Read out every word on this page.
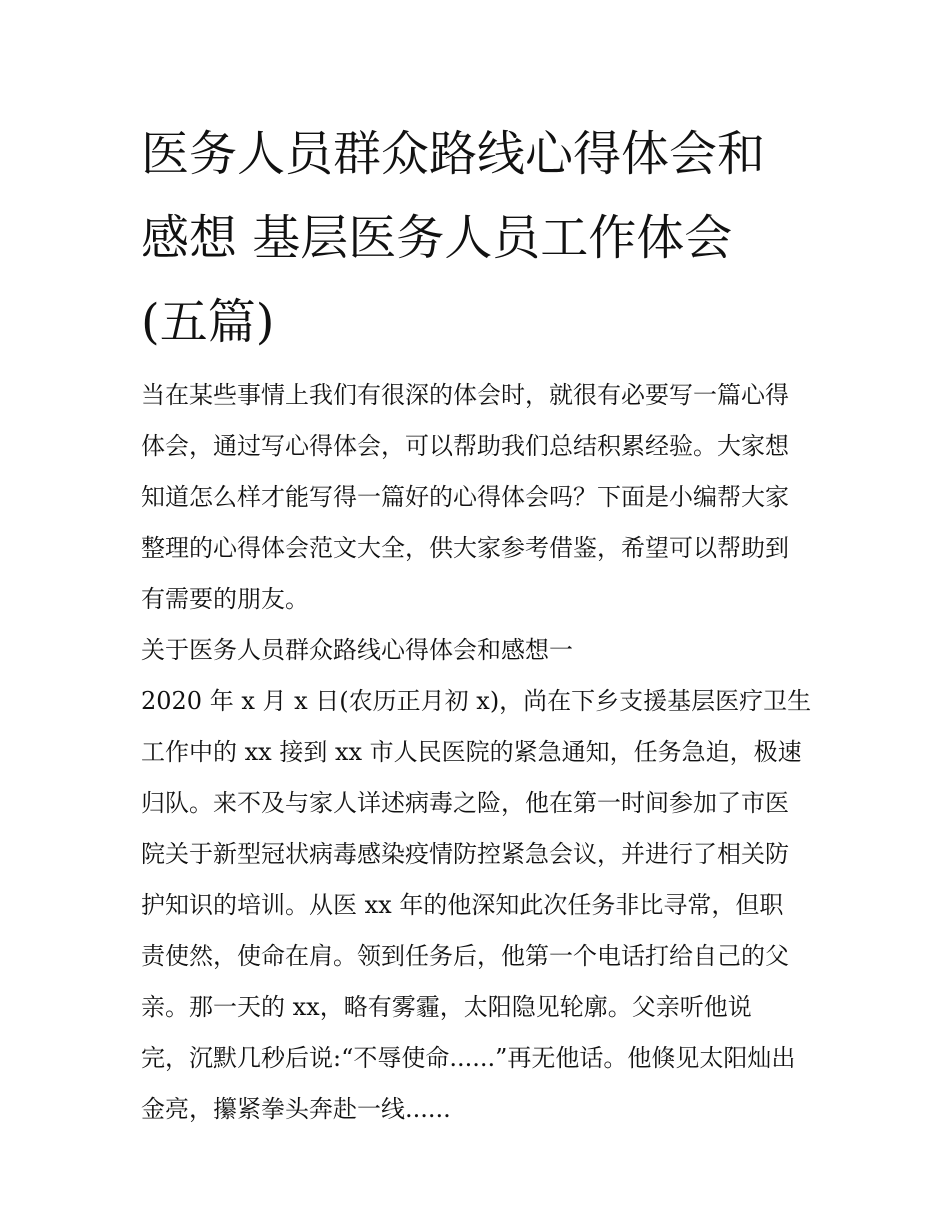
医务人员群众路线心得体会和
感想 基层医务人员工作体会
(五篇)

当在某些事情上我们有很深的体会时，就很有必要写一篇心得
体会，通过写心得体会，可以帮助我们总结积累经验。大家想
知道怎么样才能写得一篇好的心得体会吗？下面是小编帮大家
整理的心得体会范文大全，供大家参考借鉴，希望可以帮助到
有需要的朋友。

关于医务人员群众路线心得体会和感想一

2020 年 x 月 x 日(农历正月初 x)，尚在下乡支援基层医疗卫生
工作中的 xx 接到 xx 市人民医院的紧急通知，任务急迫，极速
归队。来不及与家人详述病毒之险，他在第一时间参加了市医
院关于新型冠状病毒感染疫情防控紧急会议，并进行了相关防
护知识的培训。从医 xx 年的他深知此次任务非比寻常，但职
责使然，使命在肩。领到任务后，他第一个电话打给自己的父
亲。那一天的 xx，略有雾霾，太阳隐见轮廓。父亲听他说
完，沉默几秒后说:“不辱使命......”再无他话。他倏见太阳灿出
金亮，攥紧拳头奔赴一线......
